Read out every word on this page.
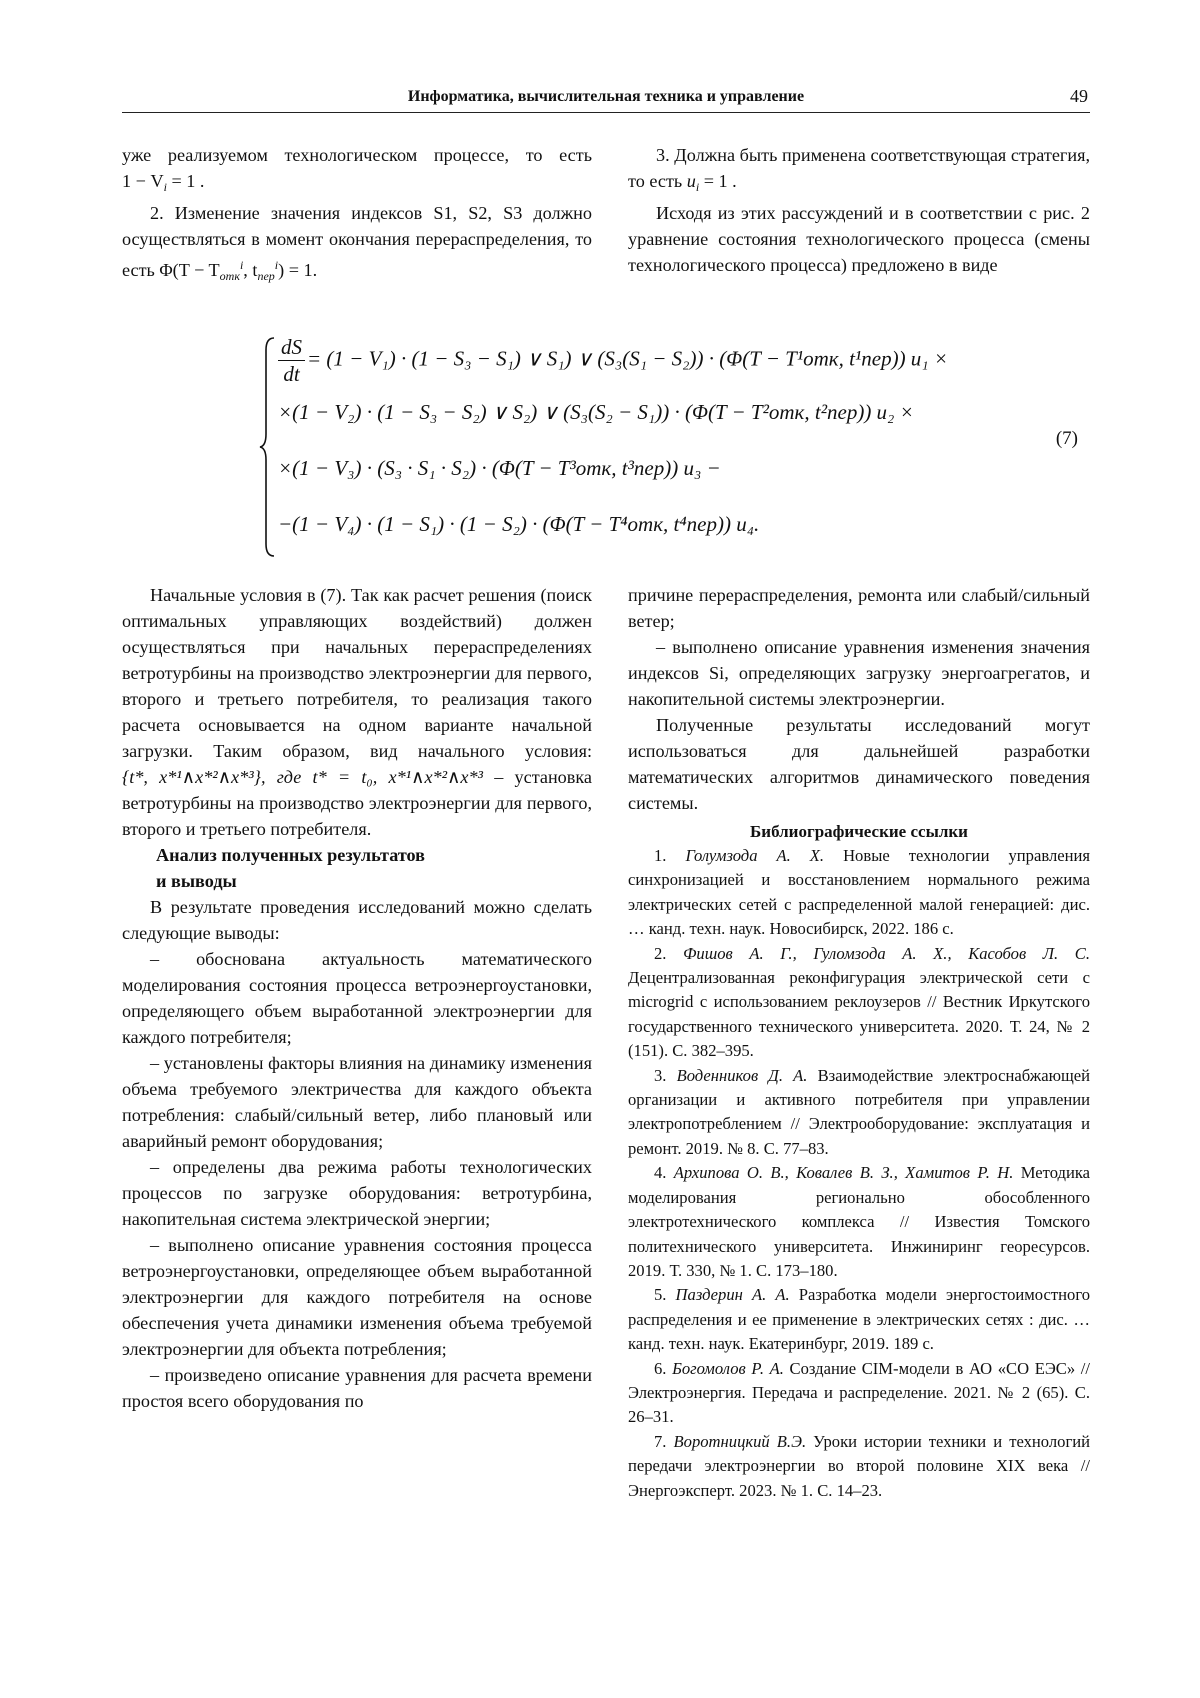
Информатика, вычислительная техника и управление	49

уже реализуемом технологическом процессе, то есть $1 - V_i = 1$ .

2. Изменение значения индексов S1, S2, S3 должно осуществляться в момент окончания перераспределения, то есть $\Phi(T - T_{отк}^i$, $t_{пер}^i) = 1$.

3. Должна быть применена соответствующая стратегия, то есть $u_i = 1$ .

Исходя из этих рассуждений и в соответствии с рис. 2 уравнение состояния технологического процесса (смены технологического процесса) предложено в виде

$\frac{dS}{dt} = (1 - V_1) \cdot (1 - S_3 - S_1)$ ∨ S₁) ∨ (S₃(S₁ − S₂)) · (Φ(T − T¹отк, t¹пер)) u₁ ×
×(1 − V₂) · (1 − S₃ − S₂) ∨ S₂) ∨ (S₃(S₂ − S₁)) · (Φ(T − T²отк, t²пер)) u₂ ×
×(1 − V₃) · (S₃ · S₁ · S₂) · (Φ(T − T³отк, t³пер)) u₃ −
−(1 − V₄) · (1 − S₁) · (1 − S₂) · (Φ(T − T⁴отк, t⁴пер)) u₄.
(7)

Начальные условия в (7). Так как расчет решения (поиск оптимальных управляющих воздействий) должен осуществляться при начальных перераспределениях ветротурбины на производство электроэнергии для первого, второго и третьего потребителя, то реализация такого расчета основывается на одном варианте начальной загрузки. Таким образом, вид начального условия: {t*, x*¹∧x*²∧x*³}, где t* = t₀, x*¹∧x*²∧x*³ – установка ветротурбины на производство электроэнергии для первого, второго и третьего потребителя.

Анализ полученных результатов
и выводы

В результате проведения исследований можно сделать следующие выводы:

– обоснована актуальность математического моделирования состояния процесса ветроэнергоустановки, определяющего объем выработанной электроэнергии для каждого потребителя;

– установлены факторы влияния на динамику изменения объема требуемого электричества для каждого объекта потребления: слабый/сильный ветер, либо плановый или аварийный ремонт оборудования;

– определены два режима работы технологических процессов по загрузке оборудования: ветротурбина, накопительная система электрической энергии;

– выполнено описание уравнения состояния процесса ветроэнергоустановки, определяющее объем выработанной электроэнергии для каждого потребителя на основе обеспечения учета динамики изменения объема требуемой электроэнергии для объекта потребления;

– произведено описание уравнения для расчета времени простоя всего оборудования по

причине перераспределения, ремонта или слабый/сильный ветер;

– выполнено описание уравнения изменения значения индексов Si, определяющих загрузку энергоагрегатов, и накопительной системы электроэнергии.

Полученные результаты исследований могут использоваться для дальнейшей разработки математических алгоритмов динамического поведения системы.

Библиографические ссылки

1. Голумзода А. Х. Новые технологии управления синхронизацией и восстановлением нормального режима электрических сетей с распределенной малой генерацией: дис. … канд. техн. наук. Новосибирск, 2022. 186 с.

2. Фишов А. Г., Гуломзода А. Х., Касобов Л. С. Децентрализованная реконфигурация электрической сети с microgrid с использованием реклоузеров // Вестник Иркутского государственного технического университета. 2020. Т. 24, № 2 (151). С. 382–395.

3. Воденников Д. А. Взаимодействие электроснабжающей организации и активного потребителя при управлении электропотреблением // Электрооборудование: эксплуатация и ремонт. 2019. № 8. С. 77–83.

4. Архипова О. В., Ковалев В. З., Хамитов Р. Н. Методика моделирования регионально обособленного электротехнического комплекса // Известия Томского политехнического университета. Инжиниринг георесурсов. 2019. Т. 330, № 1. С. 173–180.

5. Паздерин А. А. Разработка модели энергостоимостного распределения и ее применение в электрических сетях : дис. … канд. техн. наук. Екатеринбург, 2019. 189 с.

6. Богомолов Р. А. Создание CIM-модели в АО «СО ЕЭС» // Электроэнергия. Передача и распределение. 2021. № 2 (65). С. 26–31.

7. Воротницкий В.Э. Уроки истории техники и технологий передачи электроэнергии во второй половине XIX века // Энергоэксперт. 2023. № 1. С. 14–23.
